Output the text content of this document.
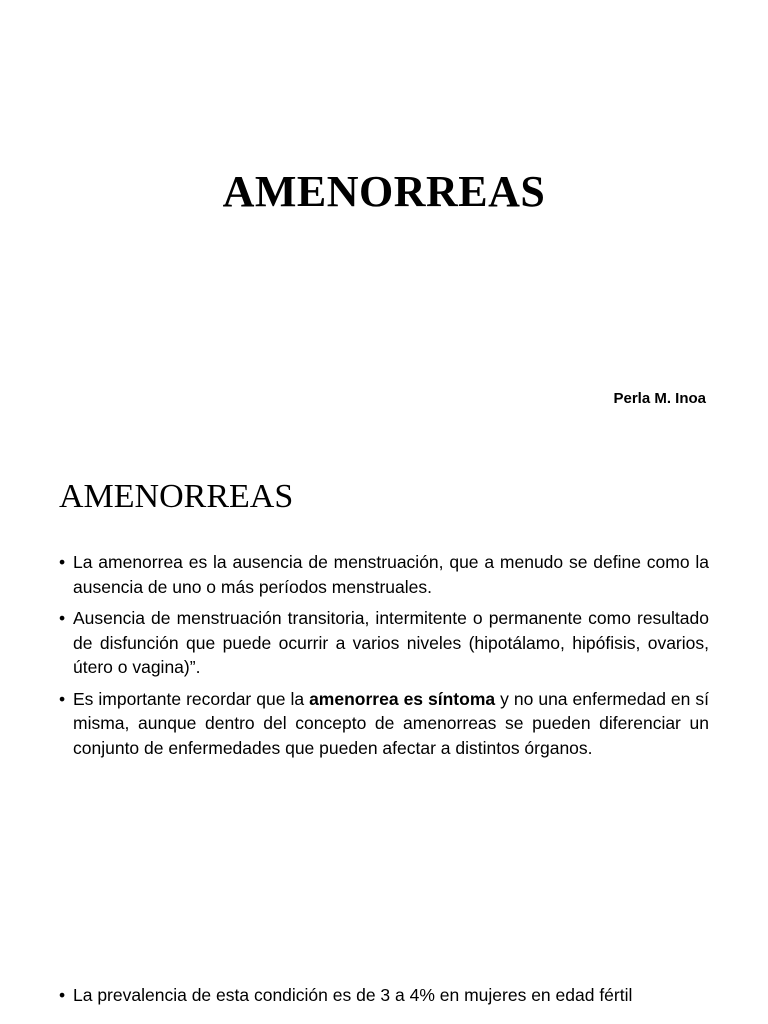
AMENORREAS
Perla M. Inoa
AMENORREAS
• La amenorrea es la ausencia de menstruación, que a menudo se define como la ausencia de uno o más períodos menstruales.
• Ausencia de menstruación transitoria, intermitente o permanente como resultado de disfunción que puede ocurrir a varios niveles (hipotálamo, hipófisis, ovarios, útero o vagina)”.
• Es importante recordar que la amenorrea es síntoma y no una enfermedad en sí misma, aunque dentro del concepto de amenorreas se pueden diferenciar un conjunto de enfermedades que pueden afectar a distintos órganos.
• La prevalencia de esta condición es de 3 a 4% en mujeres en edad fértil
